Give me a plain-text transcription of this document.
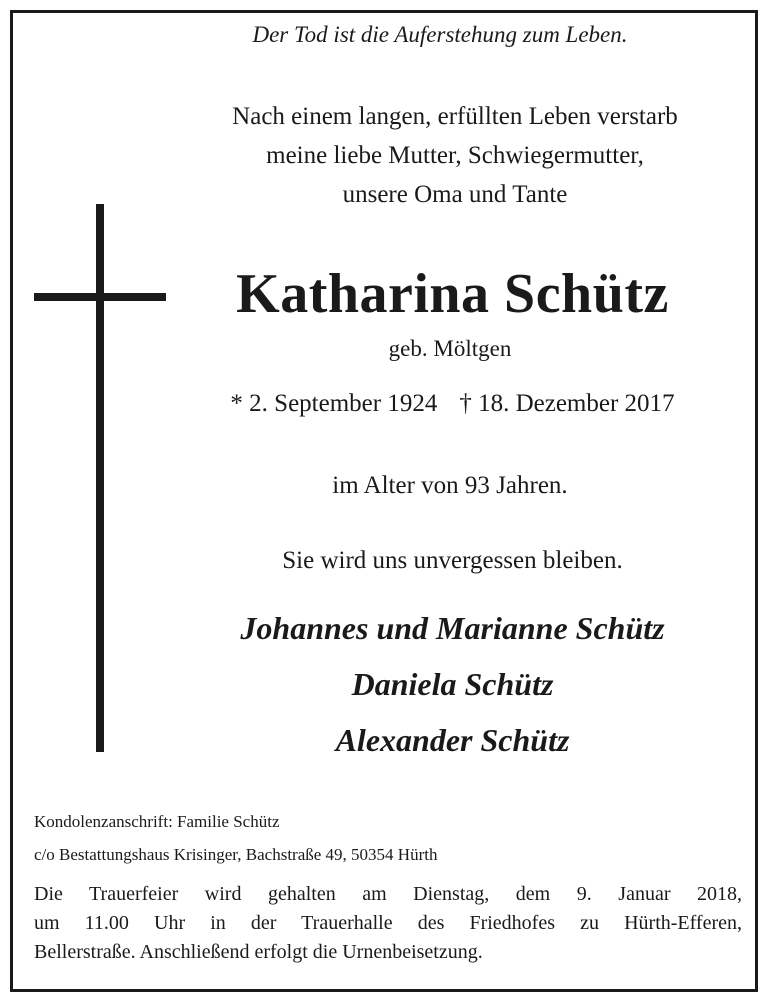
Der Tod ist die Auferstehung zum Leben.
Nach einem langen, erfüllten Leben verstarb
meine liebe Mutter, Schwiegermutter,
unsere Oma und Tante
Katharina Schütz
geb. Möltgen
* 2. September 1924 † 18. Dezember 2017
im Alter von 93 Jahren.
Sie wird uns unvergessen bleiben.
Johannes und Marianne Schütz
Daniela Schütz
Alexander Schütz
Kondolenzanschrift: Familie Schütz
c/o Bestattungshaus Krisinger, Bachstraße 49, 50354 Hürth
Die Trauerfeier wird gehalten am Dienstag, dem 9. Januar 2018,
um 11.00 Uhr in der Trauerhalle des Friedhofes zu Hürth-Efferen,
Bellerstraße. Anschließend erfolgt die Urnenbeisetzung.
